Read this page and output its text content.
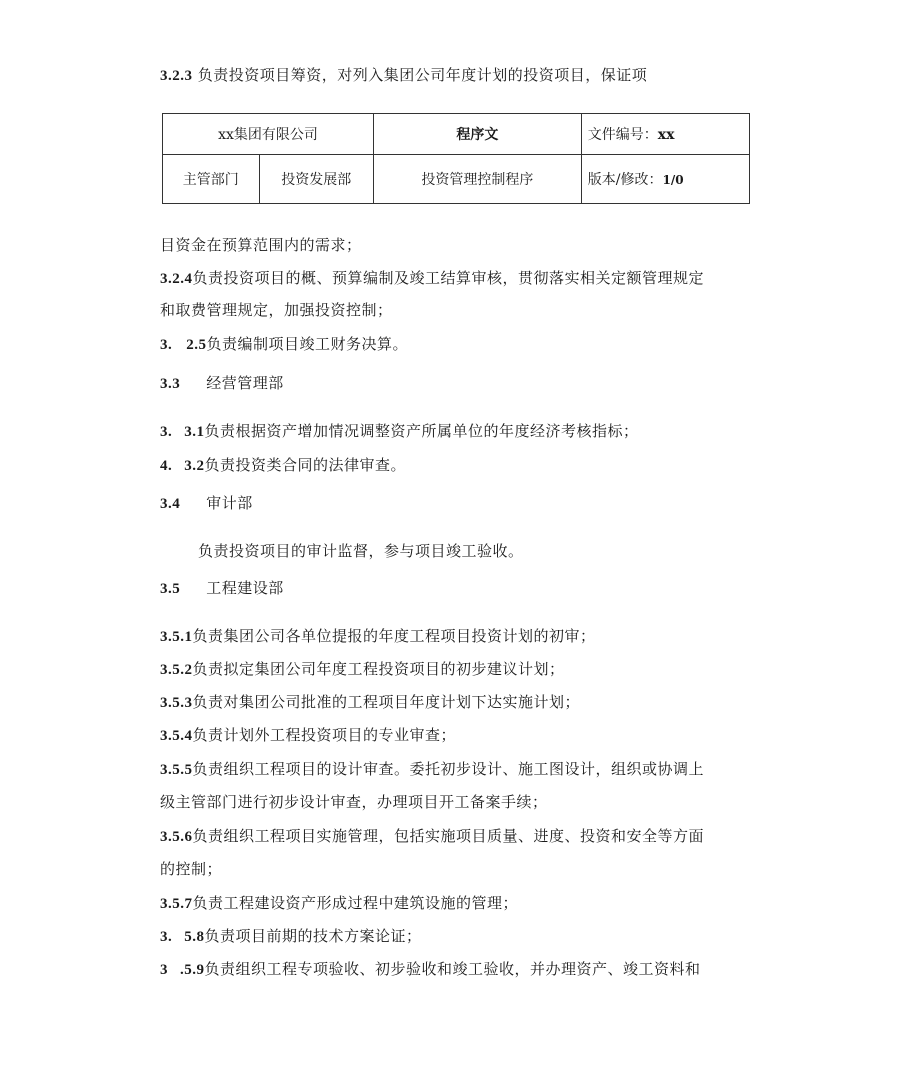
3.2.3 负责投资项目筹资，对列入集团公司年度计划的投资项目，保证项
xx集团有限公司		程序文	文件编号：xx
主管部门	投资发展部	投资管理控制程序	版本/修改：1/0
目资金在预算范围内的需求；
3.2.4负责投资项目的概、预算编制及竣工结算审核，贯彻落实相关定额管理规定
和取费管理规定，加强投资控制；
3. 2.5负责编制项目竣工财务决算。
3.3 经营管理部
3. 3.1负责根据资产增加情况调整资产所属单位的年度经济考核指标；
4. 3.2负责投资类合同的法律审查。
3.4 审计部
负责投资项目的审计监督，参与项目竣工验收。
3.5 工程建设部
3.5.1负责集团公司各单位提报的年度工程项目投资计划的初审；
3.5.2负责拟定集团公司年度工程投资项目的初步建议计划；
3.5.3负责对集团公司批准的工程项目年度计划下达实施计划；
3.5.4负责计划外工程投资项目的专业审查；
3.5.5负责组织工程项目的设计审查。委托初步设计、施工图设计，组织或协调上
级主管部门进行初步设计审查，办理项目开工备案手续；
3.5.6负责组织工程项目实施管理，包括实施项目质量、进度、投资和安全等方面
的控制；
3.5.7负责工程建设资产形成过程中建筑设施的管理；
3. 5.8负责项目前期的技术方案论证；
3 .5.9负责组织工程专项验收、初步验收和竣工验收，并办理资产、竣工资料和
